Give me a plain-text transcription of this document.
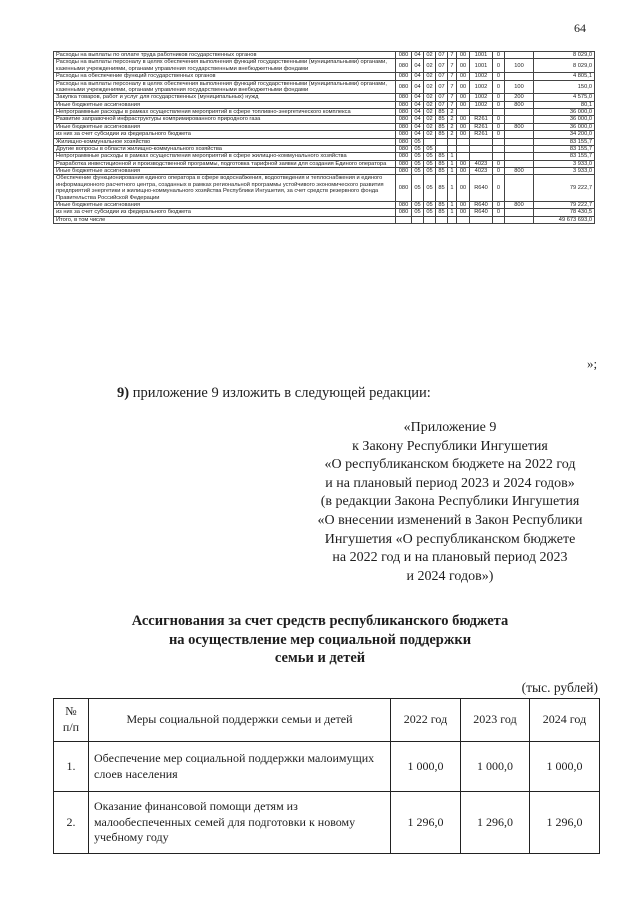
64
Расходы на выплаты по оплате труда работников государственных органов	080	04	02	07	7	00	1001	0		8 029,0
Расходы на выплаты персоналу в целях обеспечения выполнения функций государственными (муниципальными) органами, казенными учреждениями, органами управления государственными внебюджетными фондами	080	04	02	07	7	00	1001	0	100	8 029,0
Расходы на обеспечение функций государственных органов	080	04	02	07	7	00	1002	0		4 805,1
Расходы на выплаты персоналу в целях обеспечения выполнения функций государственными (муниципальными) органами, казенными учреждениями, органами управления государственными внебюджетными фондами	080	04	02	07	7	00	1002	0	100	150,0
Закупка товаров, работ и услуг для государственных (муниципальных) нужд	080	04	02	07	7	00	1002	0	200	4 575,0
Иные бюджетные ассигнования	080	04	02	07	7	00	1002	0	800	80,1
Непрограммные расходы в рамках осуществления мероприятий в сфере топливно-энергетического комплекса	080	04	02	85	2					36 000,0
Развитие заправочной инфраструктуры компримированного природного газа	080	04	02	85	2	00	R261	0		36 000,0
Иные бюджетные ассигнования	080	04	02	85	2	00	R261	0	800	36 000,0
из них за счет субсидии из федерального бюджета	080	04	02	85	2	00	R261	0		34 200,0
Жилищно-коммунальное хозяйство	080	05								83 155,7
Другие вопросы в области жилищно-коммунального хозяйства	080	05	05							83 155,7
Непрограммные расходы в рамках осуществления мероприятий в сфере жилищно-коммунального хозяйства	080	05	05	85	1					83 155,7
Разработка инвестиционной и производственной программы, подготовка тарифной заявки для создания Единого оператора	080	05	05	85	1	00	4023	0		3 933,0
Иные бюджетные ассигнования	080	05	05	85	1	00	4023	0	800	3 933,0
Обеспечение функционирования единого оператора в сфере водоснабжения, водоотведения и теплоснабжения и единого информационного расчетного центра, созданных в рамках региональной программы устойчивого экономического развития предприятий энергетики и жилищно-коммунального хозяйства Республики Ингушетия, за счет средств резервного фонда Правительства Российской Федерации	080	05	05	85	1	00	R640	0		79 222,7
Иные бюджетные ассигнования	080	05	05	85	1	00	R640	0	800	79 222,7
из них за счет субсидии из федерального бюджета	080	05	05	85	1	00	R640	0		78 430,5
Итого, в том числе										49 673 693,0
»;
9) приложение 9 изложить в следующей редакции:
«Приложение 9
к Закону Республики Ингушетия
«О республиканском бюджете на 2022 год
и на плановый период 2023 и 2024 годов»
(в редакции Закона Республики Ингушетия
«О внесении изменений в Закон Республики
Ингушетия «О республиканском бюджете
на 2022 год и на плановый период 2023
и 2024 годов»)
Ассигнования за счет средств республиканского бюджета
на осуществление мер социальной поддержки
семьи и детей
(тыс. рублей)
№ п/п	Меры социальной поддержки семьи и детей	2022 год	2023 год	2024 год
1.	Обеспечение мер социальной поддержки малоимущих слоев населения	1 000,0	1 000,0	1 000,0
2.	Оказание финансовой помощи детям из малообеспеченных семей для подготовки к новому учебному году	1 296,0	1 296,0	1 296,0
